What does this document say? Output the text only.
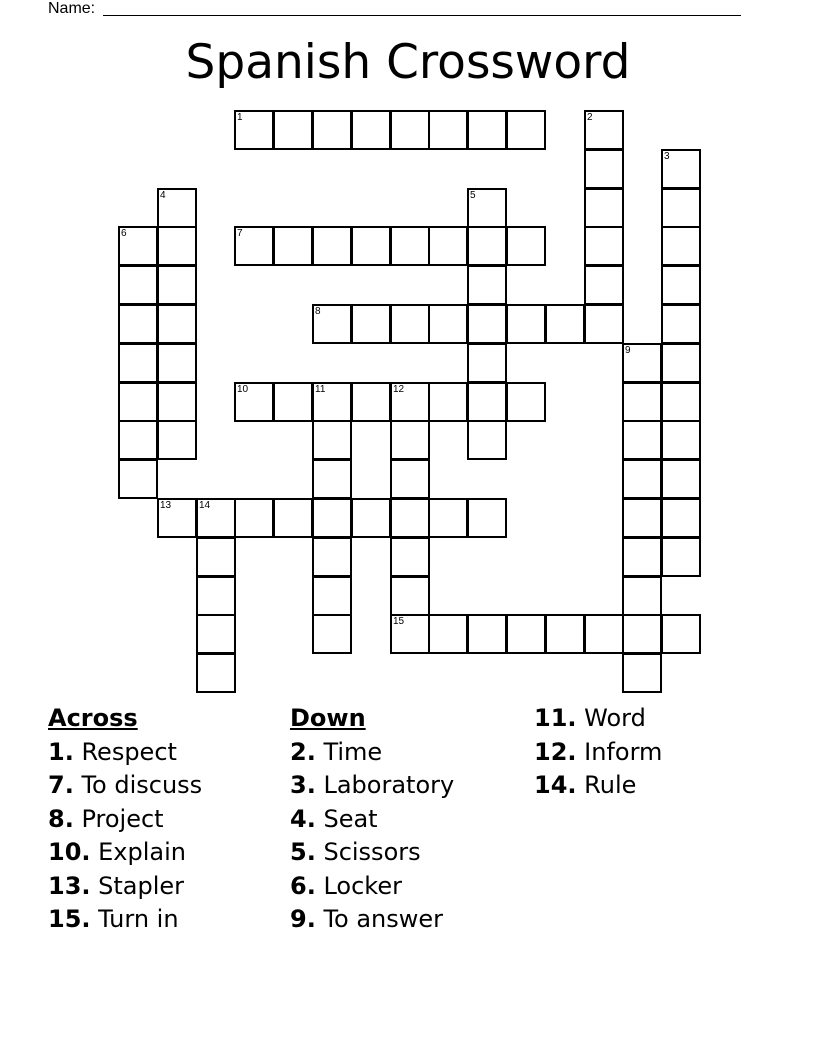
Name:
Spanish Crossword
1	2
3
4	5
6	7
8
9
10	11	12
13	14
15
Across
1. Respect
7. To discuss
8. Project
10. Explain
13. Stapler
15. Turn in
Down
2. Time
3. Laboratory
4. Seat
5. Scissors
6. Locker
9. To answer
11. Word
12. Inform
14. Rule
